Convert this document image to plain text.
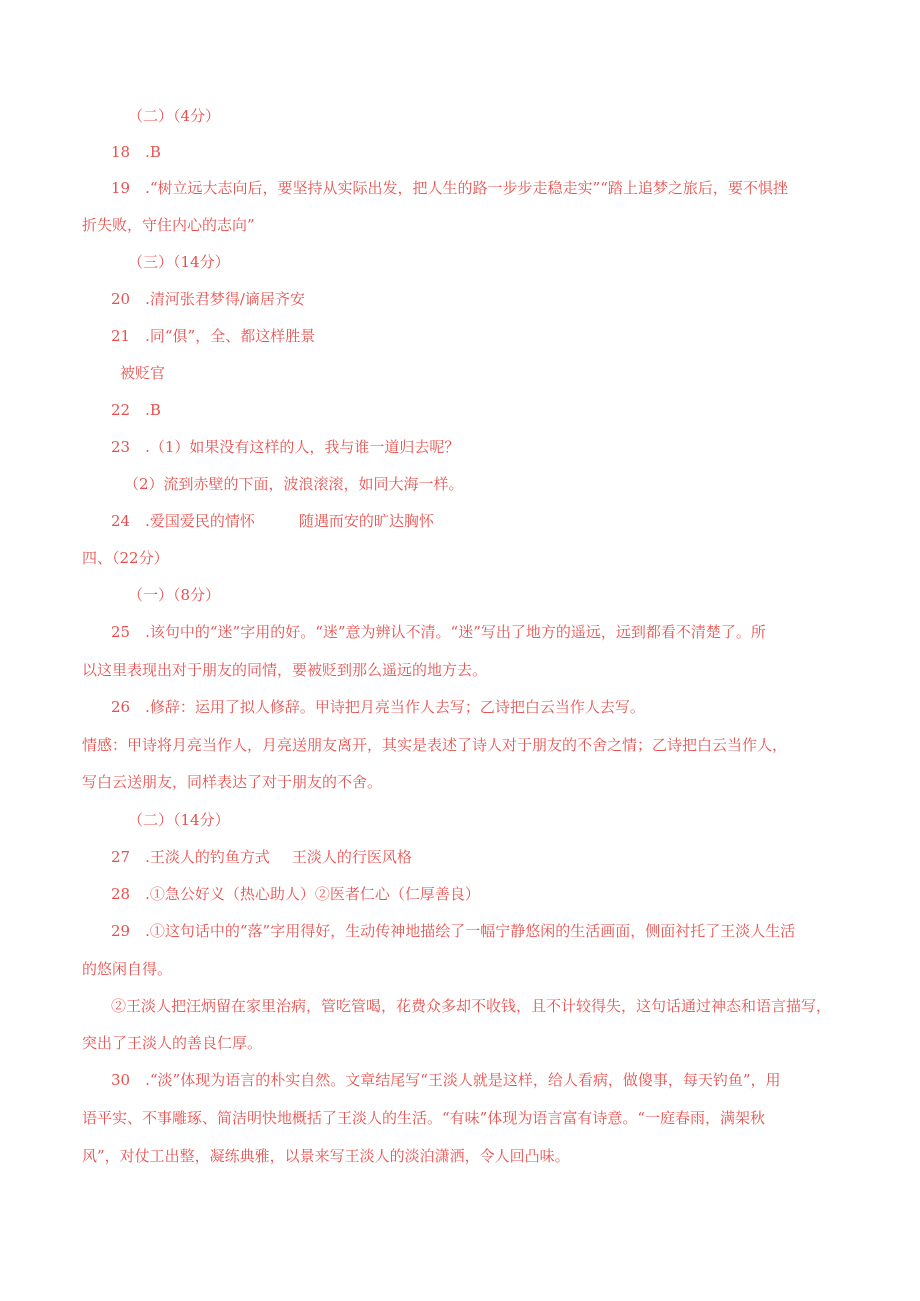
（二）（4分）
18　.B
19　.“树立远大志向后，要坚持从实际出发，把人生的路一步步走稳走实”“踏上追梦之旅后，要不惧挫
折失败，守住内心的志向”
（三）（14分）
20　.清河张君梦得/谪居齐安
21　.同“俱”，全、都这样胜景
被贬官
22　.B
23　.（1）如果没有这样的人，我与谁一道归去呢？
（2）流到赤壁的下面，波浪滚滚，如同大海一样。
24　.爱国爱民的情怀	随遇而安的旷达胸怀
四、（22分）
（一）（8分）
25　.该句中的“迷”字用的好。“迷”意为辨认不清。“迷”写出了地方的遥远，远到都看不清楚了。所
以这里表现出对于朋友的同情，要被贬到那么遥远的地方去。
26　.修辞：运用了拟人修辞。甲诗把月亮当作人去写；乙诗把白云当作人去写。
情感：甲诗将月亮当作人，月亮送朋友离开，其实是表述了诗人对于朋友的不舍之情；乙诗把白云当作人，
写白云送朋友，同样表达了对于朋友的不舍。
（二）（14分）
27　.王淡人的钓鱼方式 王淡人的行医风格
28　.①急公好义（热心助人）②医者仁心（仁厚善良）
29　.①这句话中的“落”字用得好，生动传神地描绘了一幅宁静悠闲的生活画面，侧面衬托了王淡人生活
的悠闲自得。
②王淡人把汪炳留在家里治病，管吃管喝，花费众多却不收钱，且不计较得失，这句话通过神态和语言描写，
突出了王淡人的善良仁厚。
30　.“淡”体现为语言的朴实自然。文章结尾写“王淡人就是这样，给人看病，做傻事，每天钓鱼”，用
语平实、不事雕琢、简洁明快地概括了王淡人的生活。“有味”体现为语言富有诗意。“一庭春雨，满架秋
风”，对仗工出整，凝练典雅，以景来写王淡人的淡泊潇洒，令人回凸味。
